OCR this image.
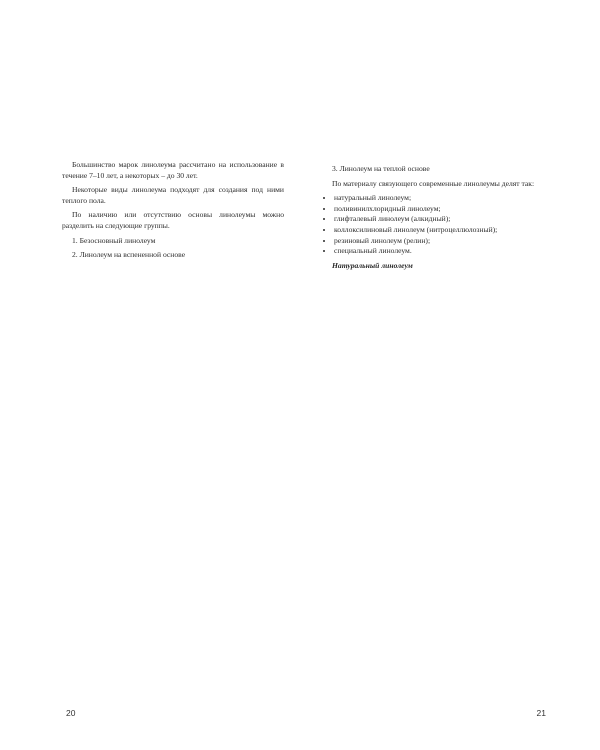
Большинство марок линолеума рассчитано на использование в течение 7–10 лет, а некоторых – до 30 лет.

Некоторые виды линолеума подходят для создания под ними теплого пола.

По наличию или отсутствию основы линолеумы можно разделить на следующие группы.

1. Безосновный линолеум

2. Линолеум на вспененной основе

20

3. Линолеум на теплой основе

По материалу связующего современные линолеумы делят так:

• натуральный линолеум;
• поливинилхлоридный линолеум;
• глифталевый линолеум (алкидный);
• коллоксилиновый линолеум (нитроцеллюлозный);
• резиновый линолеум (релин);
• специальный линолеум.

Натуральный линолеум

21
